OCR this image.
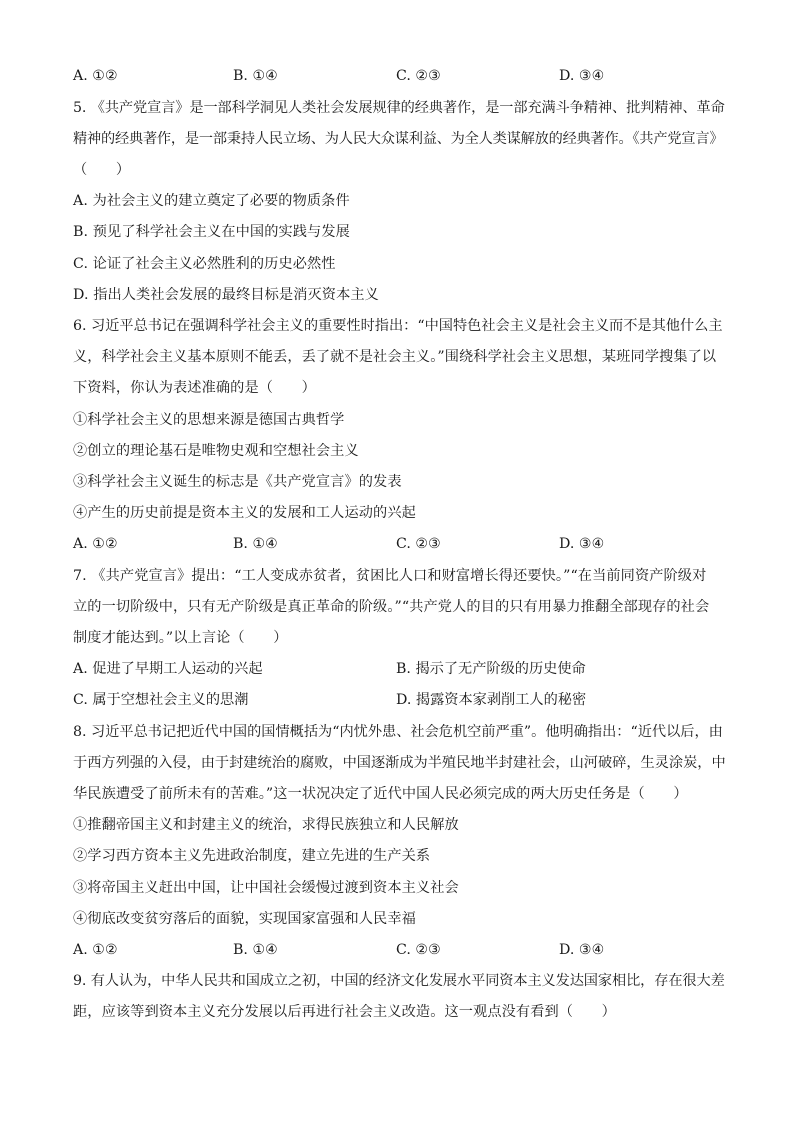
A. ①②	B. ①④	C. ②③	D. ③④
5. 《共产党宣言》是一部科学洞见人类社会发展规律的经典著作，是一部充满斗争精神、批判精神、革命
精神的经典著作，是一部秉持人民立场、为人民大众谋利益、为全人类谋解放的经典著作。《共产党宣言》
（　　）
A. 为社会主义的建立奠定了必要的物质条件
B. 预见了科学社会主义在中国的实践与发展
C. 论证了社会主义必然胜利的历史必然性
D. 指出人类社会发展的最终目标是消灭资本主义
6. 习近平总书记在强调科学社会主义的重要性时指出：“中国特色社会主义是社会主义而不是其他什么主
义，科学社会主义基本原则不能丢，丢了就不是社会主义。”围绕科学社会主义思想，某班同学搜集了以
下资料，你认为表述准确的是（　　）
①科学社会主义的思想来源是德国古典哲学
②创立的理论基石是唯物史观和空想社会主义
③科学社会主义诞生的标志是《共产党宣言》的发表
④产生的历史前提是资本主义的发展和工人运动的兴起
A. ①②	B. ①④	C. ②③	D. ③④
7. 《共产党宣言》提出：“工人变成赤贫者，贫困比人口和财富增长得还要快。”“在当前同资产阶级对
立的一切阶级中，只有无产阶级是真正革命的阶级。”“共产党人的目的只有用暴力推翻全部现存的社会
制度才能达到。”以上言论（　　）
A. 促进了早期工人运动的兴起	B. 揭示了无产阶级的历史使命
C. 属于空想社会主义的思潮	D. 揭露资本家剥削工人的秘密
8. 习近平总书记把近代中国的国情概括为“内忧外患、社会危机空前严重”。他明确指出：“近代以后，由
于西方列强的入侵，由于封建统治的腐败，中国逐渐成为半殖民地半封建社会，山河破碎，生灵涂炭，中
华民族遭受了前所未有的苦难。”这一状况决定了近代中国人民必须完成的两大历史任务是（　　）
①推翻帝国主义和封建主义的统治，求得民族独立和人民解放
②学习西方资本主义先进政治制度，建立先进的生产关系
③将帝国主义赶出中国，让中国社会缓慢过渡到资本主义社会
④彻底改变贫穷落后的面貌，实现国家富强和人民幸福
A. ①②	B. ①④	C. ②③	D. ③④
9. 有人认为，中华人民共和国成立之初，中国的经济文化发展水平同资本主义发达国家相比，存在很大差
距，应该等到资本主义充分发展以后再进行社会主义改造。这一观点没有看到（　　）
